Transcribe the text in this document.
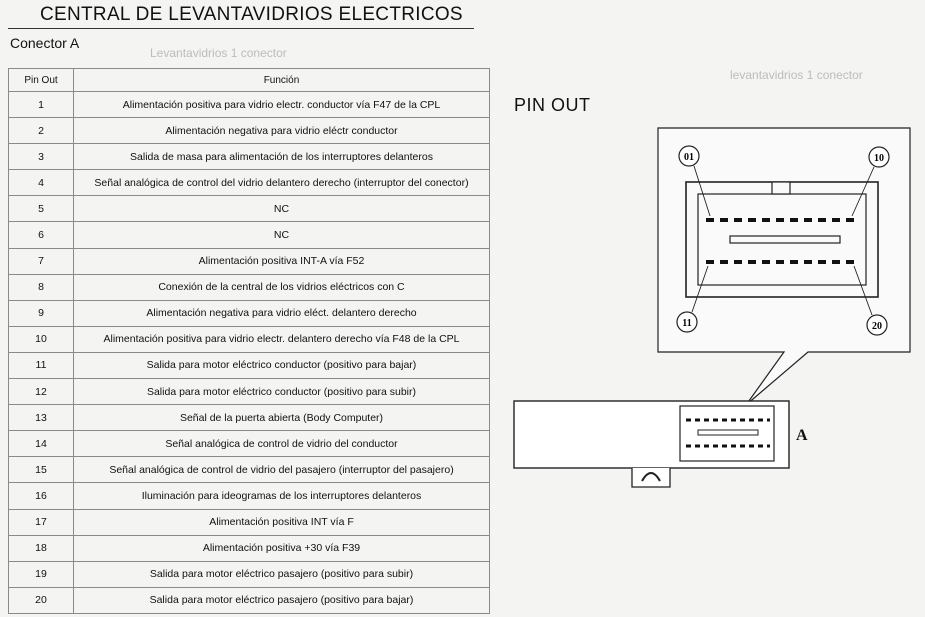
CENTRAL DE LEVANTAVIDRIOS ELECTRICOS
Conector A
Levantavidrios 1 conector
levantavidrios 1 conector
Pin Out	Función
1	Alimentación positiva para vidrio electr. conductor vía F47 de la CPL
2	Alimentación negativa para vidrio eléctr conductor
3	Salida de masa para alimentación de los interruptores delanteros
4	Señal analógica de control del vidrio delantero derecho (interruptor del conector)
5	NC
6	NC
7	Alimentación positiva INT-A vía F52
8	Conexión de la central de los vidrios eléctricos con C
9	Alimentación negativa para vidrio eléct. delantero derecho
10	Alimentación positiva para vidrio electr. delantero derecho vía F48 de la CPL
11	Salida para motor eléctrico conductor (positivo para bajar)
12	Salida para motor eléctrico conductor (positivo para subir)
13	Señal de la puerta abierta (Body Computer)
14	Señal analógica de control de vidrio del conductor
15	Señal analógica de control de vidrio del pasajero (interruptor del pasajero)
16	Iluminación para ideogramas de los interruptores delanteros
17	Alimentación positiva INT vía F
18	Alimentación positiva +30 vía F39
19	Salida para motor eléctrico pasajero (positivo para subir)
20	Salida para motor eléctrico pasajero (positivo para bajar)
PIN OUT
01	10
11	20
A
